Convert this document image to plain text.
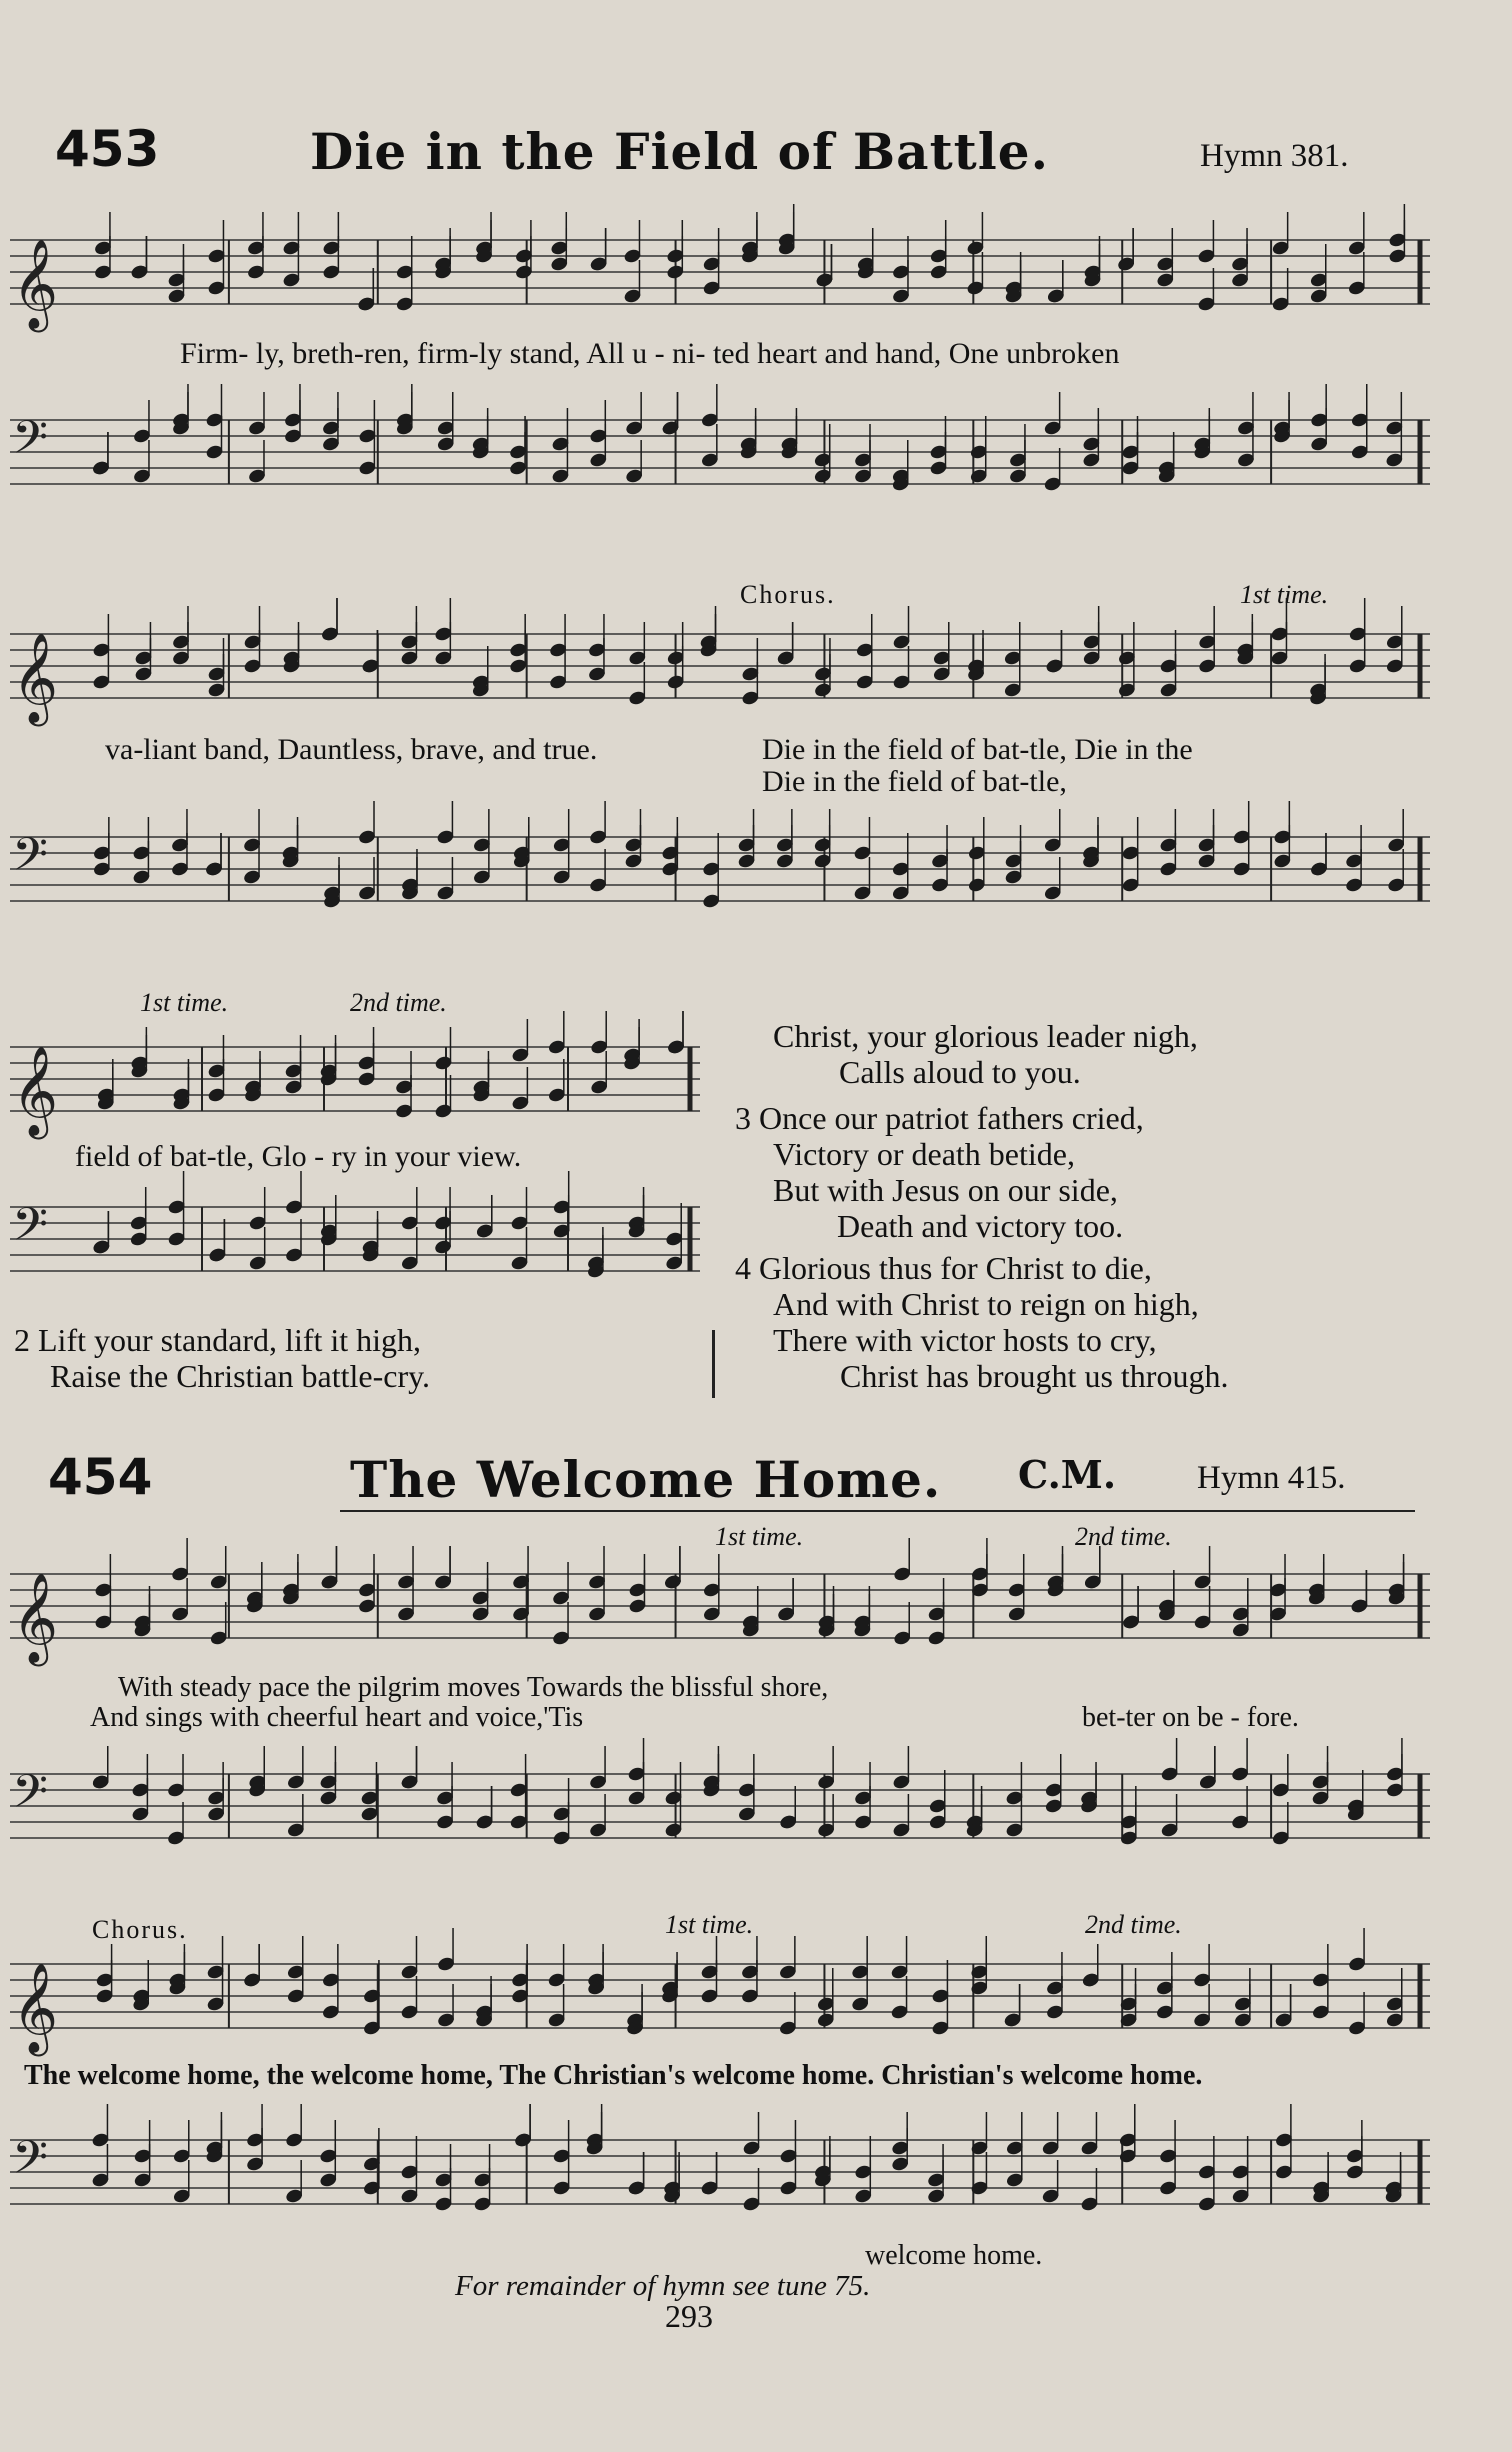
453	Die in the Field of Battle.	Hymn 381.
𝄞
Firm- ly, breth-ren, firm-ly stand, All u - ni- ted heart and hand, One unbroken
𝄢
Chorus.	1st time.
𝄞
va-liant band, Dauntless, brave, and true.	Die in the field of bat-tle, Die in the
Die in the field of bat-tle,
𝄢
1st time.	2nd time.
𝄞
field of bat-tle, Glo - ry in your view.
𝄢
Christ, your glorious leader nigh,
Calls aloud to you.
3 Once our patriot fathers cried,
Victory or death betide,
But with Jesus on our side,
Death and victory too.
4 Glorious thus for Christ to die,
And with Christ to reign on high,
There with victor hosts to cry,
Christ has brought us through.
2 Lift your standard, lift it high,
Raise the Christian battle-cry.
454	The Welcome Home. C.M. Hymn 415.
1st time.	2nd time.
𝄞
With steady pace the pilgrim moves Towards the blissful shore,
And sings with cheerful heart and voice,'Tis	bet-ter on be - fore.
𝄢
Chorus.	1st time.	2nd time.
𝄞
The welcome home, the welcome home, The Christian's welcome home. Christian's welcome home.
𝄢
welcome home.
For remainder of hymn see tune 75.
293
